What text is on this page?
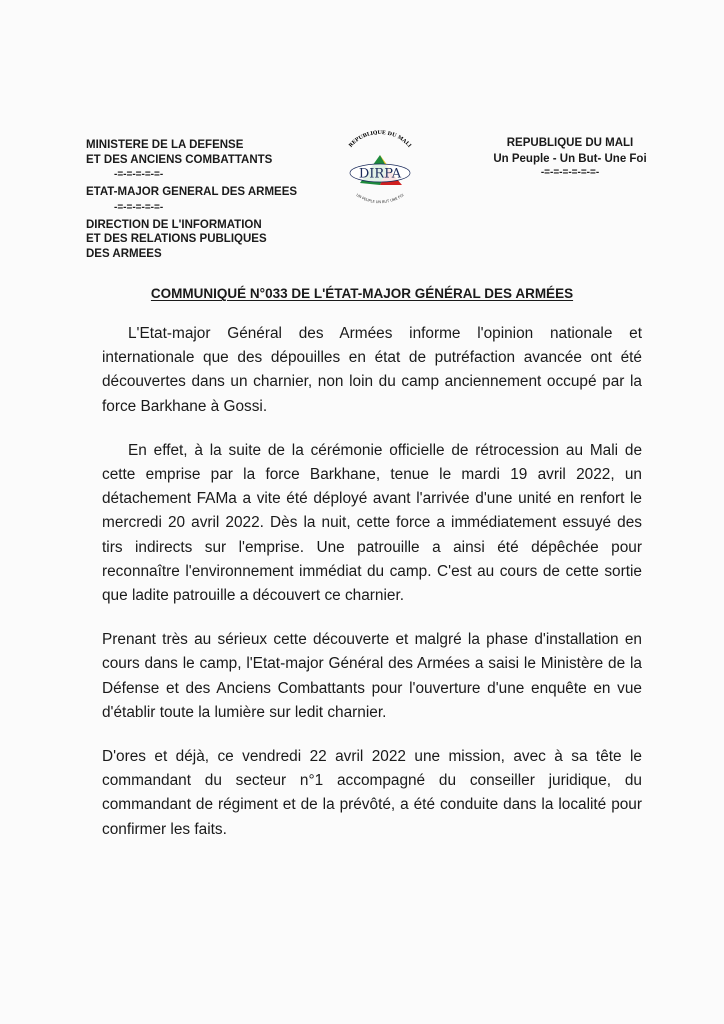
MINISTERE DE LA DEFENSE
ET DES ANCIENS COMBATTANTS
-=-=-=-=-=-
ETAT-MAJOR GENERAL DES ARMEES
-=-=-=-=-=-
DIRECTION DE L'INFORMATION
ET DES RELATIONS PUBLIQUES
DES ARMEES
REPUBLIQUE DU MALI
DIRPA
UN PEUPLE UN BUT UNE FOI
REPUBLIQUE DU MALI
Un Peuple - Un But- Une Foi
-=-=-=-=-=-=-
COMMUNIQUÉ N°033 DE L'ÉTAT-MAJOR GÉNÉRAL DES ARMÉES

L'Etat-major Général des Armées informe l'opinion nationale et internationale que des dépouilles en état de putréfaction avancée ont été découvertes dans un charnier, non loin du camp anciennement occupé par la force Barkhane à Gossi.

En effet, à la suite de la cérémonie officielle de rétrocession au Mali de cette emprise par la force Barkhane, tenue le mardi 19 avril 2022, un détachement FAMa a vite été déployé avant l'arrivée d'une unité en renfort le mercredi 20 avril 2022. Dès la nuit, cette force a immédiatement essuyé des tirs indirects sur l'emprise. Une patrouille a ainsi été dépêchée pour reconnaître l'environnement immédiat du camp. C'est au cours de cette sortie que ladite patrouille a découvert ce charnier.

Prenant très au sérieux cette découverte et malgré la phase d'installation en cours dans le camp, l'Etat-major Général des Armées a saisi le Ministère de la Défense et des Anciens Combattants pour l'ouverture d'une enquête en vue d'établir toute la lumière sur ledit charnier.

D'ores et déjà, ce vendredi 22 avril 2022 une mission, avec à sa tête le commandant du secteur n°1 accompagné du conseiller juridique, du commandant de régiment et de la prévôté, a été conduite dans la localité pour confirmer les faits.
